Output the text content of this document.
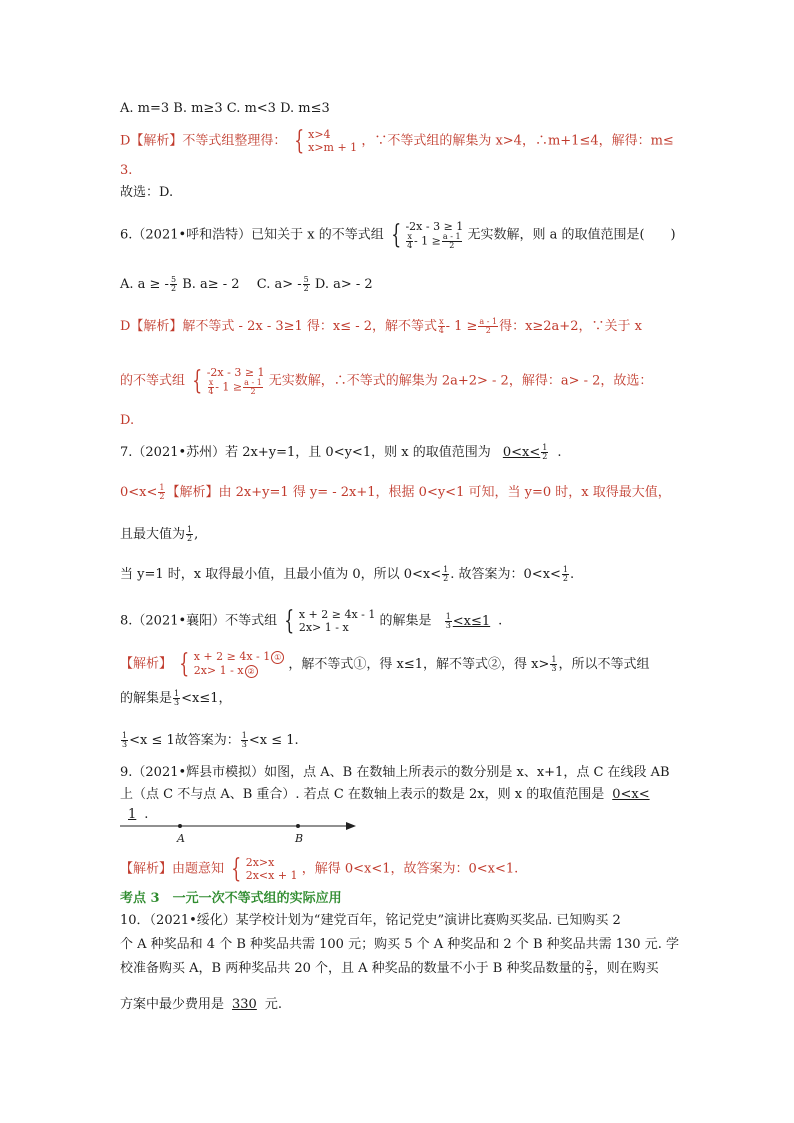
A. m=3 B. m≥3 C. m<3 D. m≤3
D【解析】不等式组整理得： { x>4
x>m + 1 ，∵不等式组的解集为 x>4，∴m+1≤4，解得：m≤
3.
故选：D.
6.（2021•呼和浩特）已知关于 x 的不等式组 { -2x - 3 ≥ 1
$\frac{x}{4} - 1 \ge \frac{a - 1}{2}$ 无实数解，则 a 的取值范围是(　　)
A. a ≥ - $\frac{5}{2} B$. a≥ - 2　 C. $a> - \frac{5}{2} D$. a> - 2
D【解析】解不等式 - 2x - 3≥1 得：x≤ - 2，解不等式 $\frac{x}{4} - 1 \ge \frac{a - 1}{2}$ 得：x≥2a+2，∵关于 x
的不等式组 { -2x - 3 ≥ 1
$\frac{x}{4} - 1 \ge \frac{a - 1}{2}$ 无实数解，∴不等式的解集为 2a+2> - 2，解得：a> - 2，故选：
D.
7.（2021•苏州）若 2x+y=1，且 0<y<1，则 x 的取值范围为 $0<x< \frac{1}{2}$ .
$0<x< \frac{1}{2}$ 【解析】由 2x+y=1 得 y= - 2x+1，根据 0<y<1 可知，当 y=0 时，x 取得最大值，
且最大值为 $\frac{1}{2}$ ,
当 y=1 时，x 取得最小值，且最小值为 0，所以 $0<x< \frac{1}{2}$ . 故答案为：$0<x< \frac{1}{2}$ .
8.（2021•襄阳）不等式组 { x + 2 ≥ 4x - 1
2x> 1 - x	的解集是 $\frac{1}{3} <x\le 1$ .
【解析】 { x + 2 ≥ 4x - 1 ①
2x> 1 - x ②	，解不等式①，得 x≤1，解不等式②，得 $x> \frac{1}{3}$ ，所以不等式组
的解集是 $\frac{1}{3} <x\le 1$，
$\frac{1}{3} <x \le 1$故答案为： $\frac{1}{3} <x \le 1$.
9.（2021•辉县市模拟）如图，点 A、B 在数轴上所表示的数分别是 x、x+1，点 C 在线段 AB
上（点 C 不与点 A、B 重合）. 若点 C 在数轴上表示的数是 2x，则 x 的取值范围是 0<x<
1 .
A	B
【解析】由题意知 { 2x>x
2x<x + 1 ，解得 0<x<1，故答案为：0<x<1.
考点 3　一元一次不等式组的实际应用
10．（2021•绥化）某学校计划为“建党百年，铭记党史”演讲比赛购买奖品. 已知购买 2
个 A 种奖品和 4 个 B 种奖品共需 100 元；购买 5 个 A 种奖品和 2 个 B 种奖品共需 130 元. 学
校准备购买 A，B 两种奖品共 20 个，且 A 种奖品的数量不小于 B 种奖品数量的 $\frac{2}{5}$ ，则在购买
方案中最少费用是 330 元.
